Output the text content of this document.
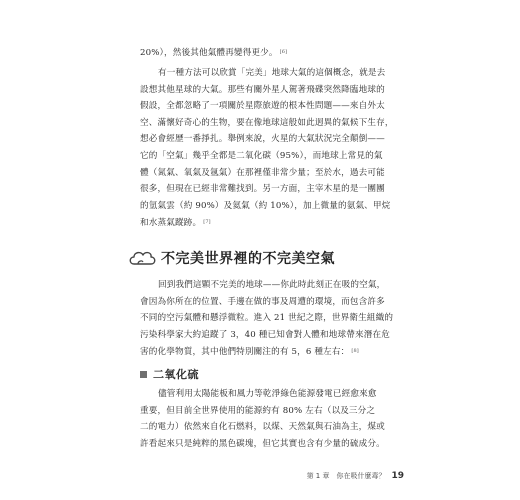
20%），然後其他氣體再變得更少。 [6]

有一種方法可以欣賞「完美」地球大氣的這個概念，就是去
設想其他星球的大氣。那些有關外星人駕著飛碟突然降臨地球的
假設，全都忽略了一項關於星際旅遊的根本性問題——來自外太
空、滿懷好奇心的生物，要在像地球這般如此迥異的氣候下生存，
想必會經歷一番掙扎。舉例來說，火星的大氣狀況完全顛倒——
它的「空氣」幾乎全都是二氧化碳（95%），而地球上常見的氣
體（氮氣、氧氣及氬氣）在那裡僅非常少量；至於水，過去可能
很多，但現在已經非常難找到。另一方面，主宰木星的是一團團
的氫氣雲（約 90%）及氦氣（約 10%），加上微量的氨氣、甲烷
和水蒸氣蹤跡。 [7]

不完美世界裡的不完美空氣

回到我們這顆不完美的地球——你此時此刻正在吸的空氣，
會因為你所在的位置、手邊在做的事及周遭的環境，而包含許多
不同的空污氣體和懸浮微粒。進入 21 世紀之際，世界衛生組織的
污染科學家大約追蹤了 3，40 種已知會對人體和地球帶來潛在危
害的化學物質，其中他們特別關注的有 5，6 種左右： [8]

二氧化硫

儘管利用太陽能板和風力等乾淨綠色能源發電已經愈來愈
重要，但目前全世界使用的能源約有 80% 左右（以及三分之
二的電力）依然來自化石燃料，以煤、天然氣與石油為主，煤或
許看起來只是純粹的黑色碳塊，但它其實也含有少量的硫成分。

第 1 章　你在吸什麼毒？ 19
